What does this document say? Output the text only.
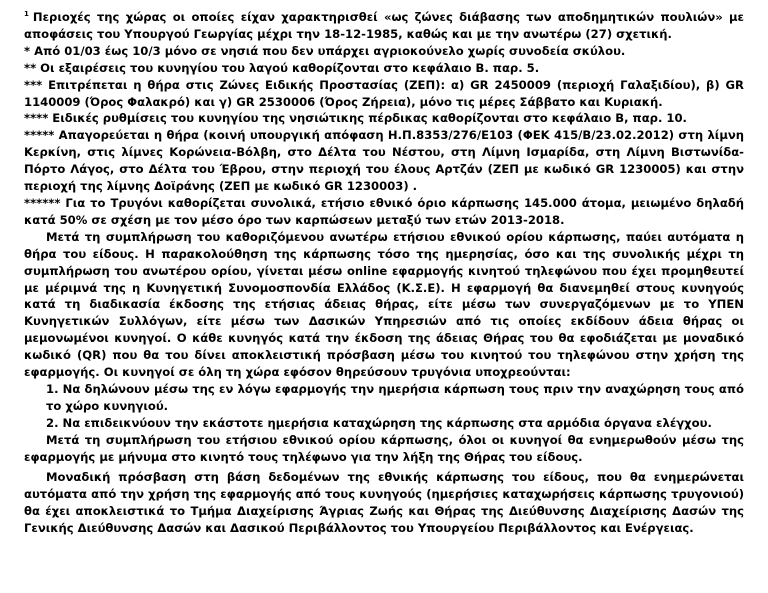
$^1$ Περιοχές της χώρας οι οποίες είχαν χαρακτηρισθεί «ως ζώνες διάβασης των αποδημητικών πουλιών» με αποφάσεις του Υπουργού Γεωργίας μέχρι την 18-12-1985, καθώς και με την ανωτέρω (27) σχετική.

* Από 01/03 έως 10/3 μόνο σε νησιά που δεν υπάρχει αγριοκούνελο χωρίς συνοδεία σκύλου.

** Οι εξαιρέσεις του κυνηγίου του λαγού καθορίζονται στο κεφάλαιο Β. παρ. 5.

*** Επιτρέπεται η θήρα στις Ζώνες Ειδικής Προστασίας (ΖΕΠ): α) GR 2450009 (περιοχή Γαλαξιδίου), β) GR 1140009 (Όρος Φαλακρό) και γ) GR 2530006 (Όρος Ζήρεια), μόνο τις μέρες Σάββατο και Κυριακή.

**** Ειδικές ρυθμίσεις του κυνηγίου της νησιώτικης πέρδικας καθορίζονται στο κεφάλαιο Β, παρ. 10.

***** Απαγορεύεται η θήρα (κοινή υπουργική απόφαση Η.Π.8353/276/Ε103 (ΦΕΚ 415/Β/23.02.2012) στη λίμνη Κερκίνη, στις λίμνες Κορώνεια-Βόλβη, στο Δέλτα του Νέστου, στη Λίμνη Ισμαρίδα, στη Λίμνη Βιστωνίδα-Πόρτο Λάγος, στο Δέλτα του Έβρου, στην περιοχή του έλους Αρτζάν (ΖΕΠ με κωδικό GR 1230005) και στην περιοχή της λίμνης Δοϊράνης (ΖΕΠ με κωδικό GR 1230003) .

****** Για το Τρυγόνι καθορίζεται συνολικά, ετήσιο εθνικό όριο κάρπωσης 145.000 άτομα, μειωμένο δηλαδή κατά 50% σε σχέση με τον μέσο όρο των καρπώσεων μεταξύ των ετών 2013-2018.

Μετά τη συμπλήρωση του καθοριζόμενου ανωτέρω ετήσιου εθνικού ορίου κάρπωσης, παύει αυτόματα η θήρα του είδους. Η παρακολούθηση της κάρπωσης τόσο της ημερησίας, όσο και της συνολικής μέχρι τη συμπλήρωση του ανωτέρου ορίου, γίνεται μέσω online εφαρμογής κινητού τηλεφώνου που έχει προμηθευτεί με μέριμνά της η Κυνηγετική Συνομοσπονδία Ελλάδος (Κ.Σ.Ε). Η εφαρμογή θα διανεμηθεί στους κυνηγούς κατά τη διαδικασία έκδοσης της ετήσιας άδειας θήρας, είτε μέσω των συνεργαζόμενων με το ΥΠΕΝ Κυνηγετικών Συλλόγων, είτε μέσω των Δασικών Υπηρεσιών από τις οποίες εκδίδουν άδεια θήρας οι μεμονωμένοι κυνηγοί. Ο κάθε κυνηγός κατά την έκδοση της άδειας Θήρας του θα εφοδιάζεται με μοναδικό κωδικό (QR) που θα του δίνει αποκλειστική πρόσβαση μέσω του κινητού του τηλεφώνου στην χρήση της εφαρμογής. Οι κυνηγοί σε όλη τη χώρα εφόσον θηρεύσουν τρυγόνια υποχρεούνται:

1. Να δηλώνουν μέσω της εν λόγω εφαρμογής την ημερήσια κάρπωση τους πριν την αναχώρηση τους από το χώρο κυνηγιού.

2. Να επιδεικνύουν την εκάστοτε ημερήσια καταχώρηση της κάρπωσης στα αρμόδια όργανα ελέγχου.

Μετά τη συμπλήρωση του ετήσιου εθνικού ορίου κάρπωσης, όλοι οι κυνηγοί θα ενημερωθούν μέσω της εφαρμογής με μήνυμα στο κινητό τους τηλέφωνο για την λήξη της Θήρας του είδους.

Μοναδική πρόσβαση στη βάση δεδομένων της εθνικής κάρπωσης του είδους, που θα ενημερώνεται αυτόματα από την χρήση της εφαρμογής από τους κυνηγούς (ημερήσιες καταχωρήσεις κάρπωσης τρυγονιού) θα έχει αποκλειστικά το Τμήμα Διαχείρισης Άγριας Ζωής και Θήρας της Διεύθυνσης Διαχείρισης Δασών της Γενικής Διεύθυνσης Δασών και Δασικού Περιβάλλοντος του Υπουργείου Περιβάλλοντος και Ενέργειας.
